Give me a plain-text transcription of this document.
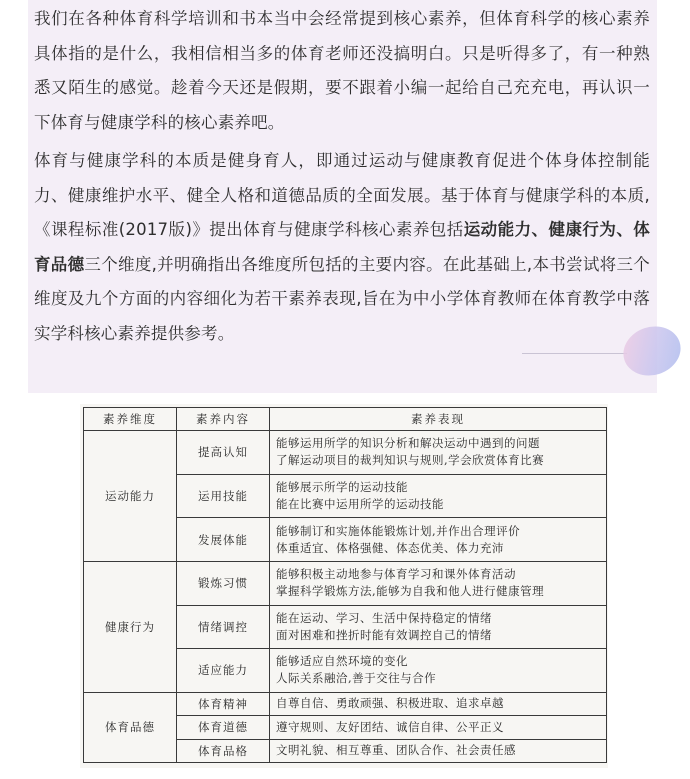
我们在各种体育科学培训和书本当中会经常提到核心素养，但体育科学的核心素养具体指的是什么，我相信相当多的体育老师还没搞明白。只是听得多了，有一种熟悉又陌生的感觉。趁着今天还是假期，要不跟着小编一起给自己充充电，再认识一下体育与健康学科的核心素养吧。

体育与健康学科的本质是健身育人，即通过运动与健康教育促进个体身体控制能力、健康维护水平、健全人格和道德品质的全面发展。基于体育与健康学科的本质,《课程标准(2017版)》提出体育与健康学科核心素养包括运动能力、健康行为、体育品德三个维度,并明确指出各维度所包括的主要内容。在此基础上,本书尝试将三个维度及九个方面的内容细化为若干素养表现,旨在为中小学体育教师在体育教学中落实学科核心素养提供参考。

素养维度	素养内容	素养表现
运动能力	提高认知	能够运用所学的知识分析和解决运动中遇到的问题
了解运动项目的裁判知识与规则,学会欣赏体育比赛

	运用技能	能够展示所学的运动技能
能在比赛中运用所学的运动技能

	发展体能	能够制订和实施体能锻炼计划,并作出合理评价
体重适宜、体格强健、体态优美、体力充沛

健康行为	锻炼习惯	能够积极主动地参与体育学习和课外体育活动
掌握科学锻炼方法,能够为自我和他人进行健康管理

	情绪调控	能在运动、学习、生活中保持稳定的情绪
面对困难和挫折时能有效调控自己的情绪

	适应能力	能够适应自然环境的变化
人际关系融洽,善于交往与合作

体育品德	体育精神	自尊自信、勇敢顽强、积极进取、追求卓越

	体育道德	遵守规则、友好团结、诚信自律、公平正义

	体育品格	文明礼貌、相互尊重、团队合作、社会责任感
